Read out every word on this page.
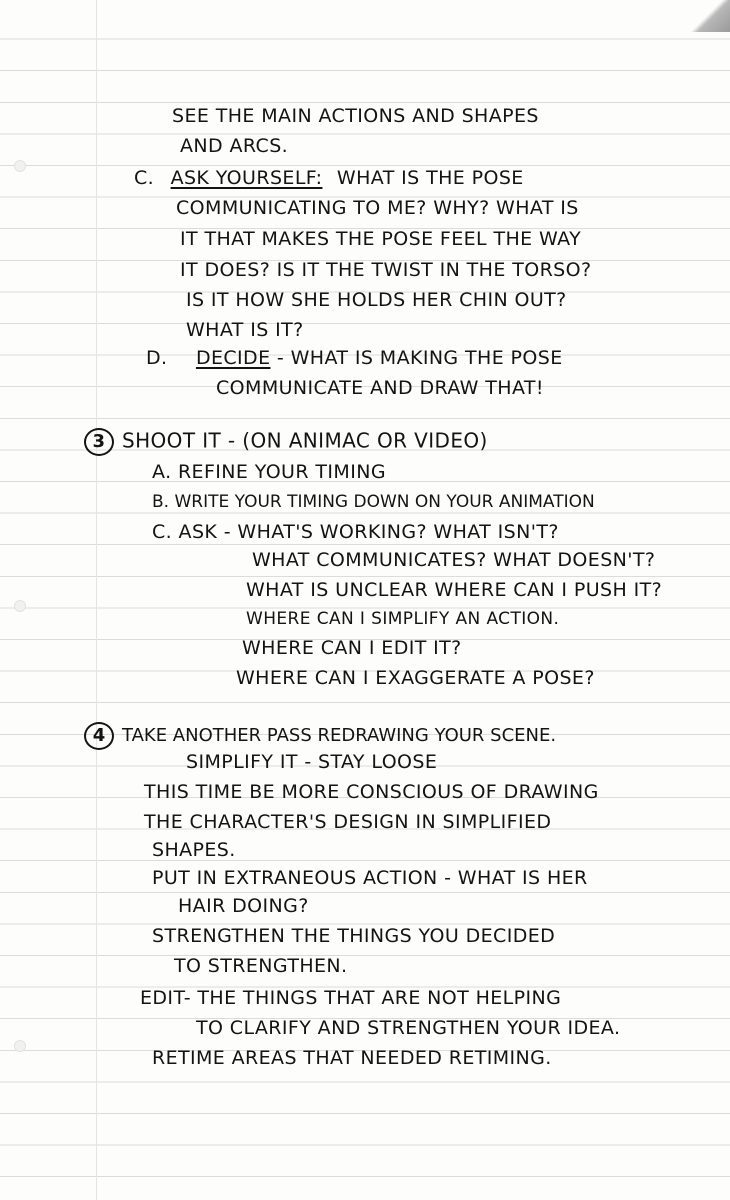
SEE THE MAIN ACTIONS AND SHAPES
AND ARCS.
C. ASK YOURSELF: WHAT IS THE POSE
COMMUNICATING TO ME? WHY? WHAT IS
IT THAT MAKES THE POSE FEEL THE WAY
IT DOES? IS IT THE TWIST IN THE TORSO?
IS IT HOW SHE HOLDS HER CHIN OUT?
WHAT IS IT?
D. DECIDE - WHAT IS MAKING THE POSE
COMMUNICATE AND DRAW THAT!
3 SHOOT IT - (ON ANIMAC OR VIDEO)
A. REFINE YOUR TIMING
B. WRITE YOUR TIMING DOWN ON YOUR ANIMATION
C. ASK - WHAT'S WORKING? WHAT ISN'T?
WHAT COMMUNICATES? WHAT DOESN'T?
WHAT IS UNCLEAR WHERE CAN I PUSH IT?
WHERE CAN I SIMPLIFY AN ACTION.
WHERE CAN I EDIT IT?
WHERE CAN I EXAGGERATE A POSE?
4 TAKE ANOTHER PASS REDRAWING YOUR SCENE.
SIMPLIFY IT - STAY LOOSE
THIS TIME BE MORE CONSCIOUS OF DRAWING
THE CHARACTER'S DESIGN IN SIMPLIFIED
SHAPES.
PUT IN EXTRANEOUS ACTION - WHAT IS HER
HAIR DOING?
STRENGTHEN THE THINGS YOU DECIDED
TO STRENGTHEN.
EDIT- THE THINGS THAT ARE NOT HELPING
TO CLARIFY AND STRENGTHEN YOUR IDEA.
RETIME AREAS THAT NEEDED RETIMING.
